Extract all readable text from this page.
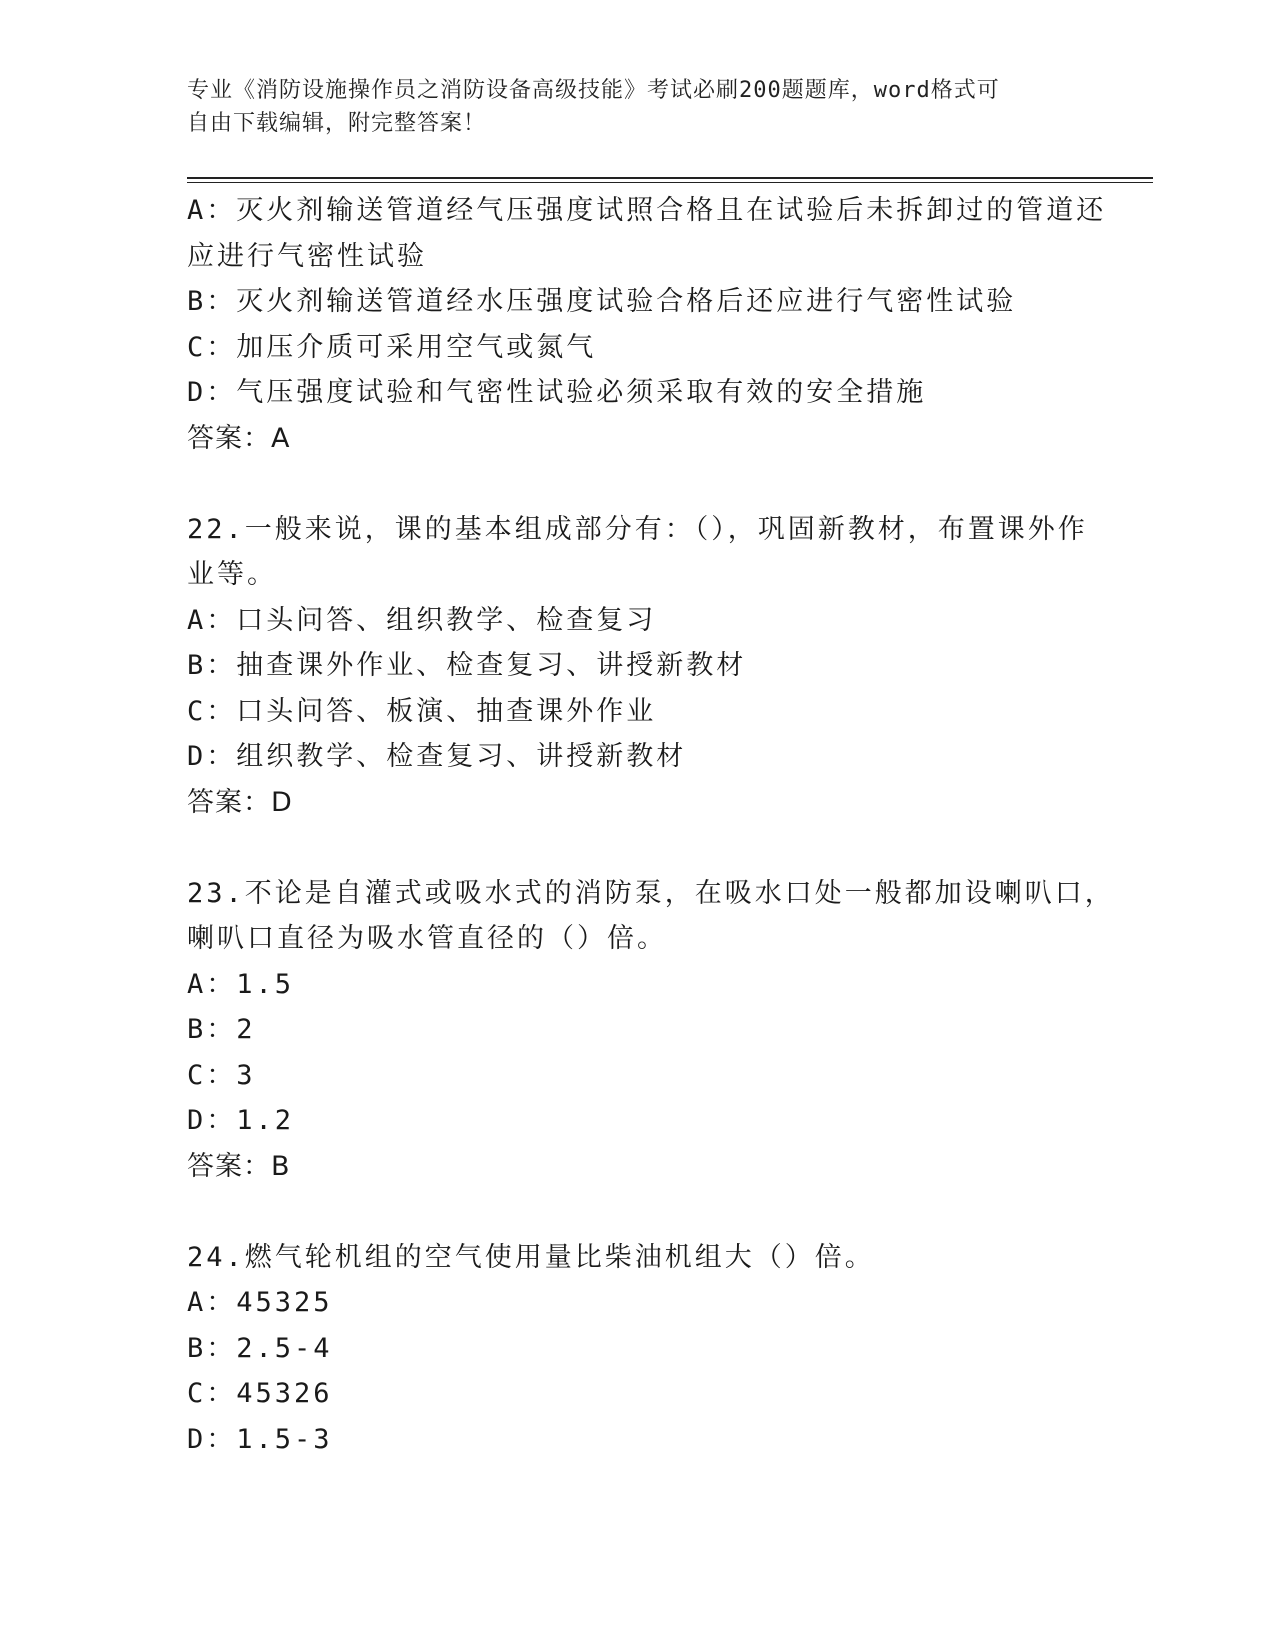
专业《消防设施操作员之消防设备高级技能》考试必刷200题题库，word格式可
自由下载编辑，附完整答案！
A：灭火剂输送管道经气压强度试照合格且在试验后未拆卸过的管道还
应进行气密性试验
B：灭火剂输送管道经水压强度试验合格后还应进行气密性试验
C：加压介质可采用空气或氮气
D：气压强度试验和气密性试验必须采取有效的安全措施
答案：A
22.一般来说，课的基本组成部分有：（），巩固新教材，布置课外作
业等。
A：口头问答、组织教学、检查复习
B：抽查课外作业、检查复习、讲授新教材
C：口头问答、板演、抽查课外作业
D：组织教学、检查复习、讲授新教材
答案：D
23.不论是自灌式或吸水式的消防泵，在吸水口处一般都加设喇叭口，
喇叭口直径为吸水管直径的（）倍。
A：1.5
B：2
C：3
D：1.2
答案：B
24.燃气轮机组的空气使用量比柴油机组大（）倍。
A：45325
B：2.5-4
C：45326
D：1.5-3
